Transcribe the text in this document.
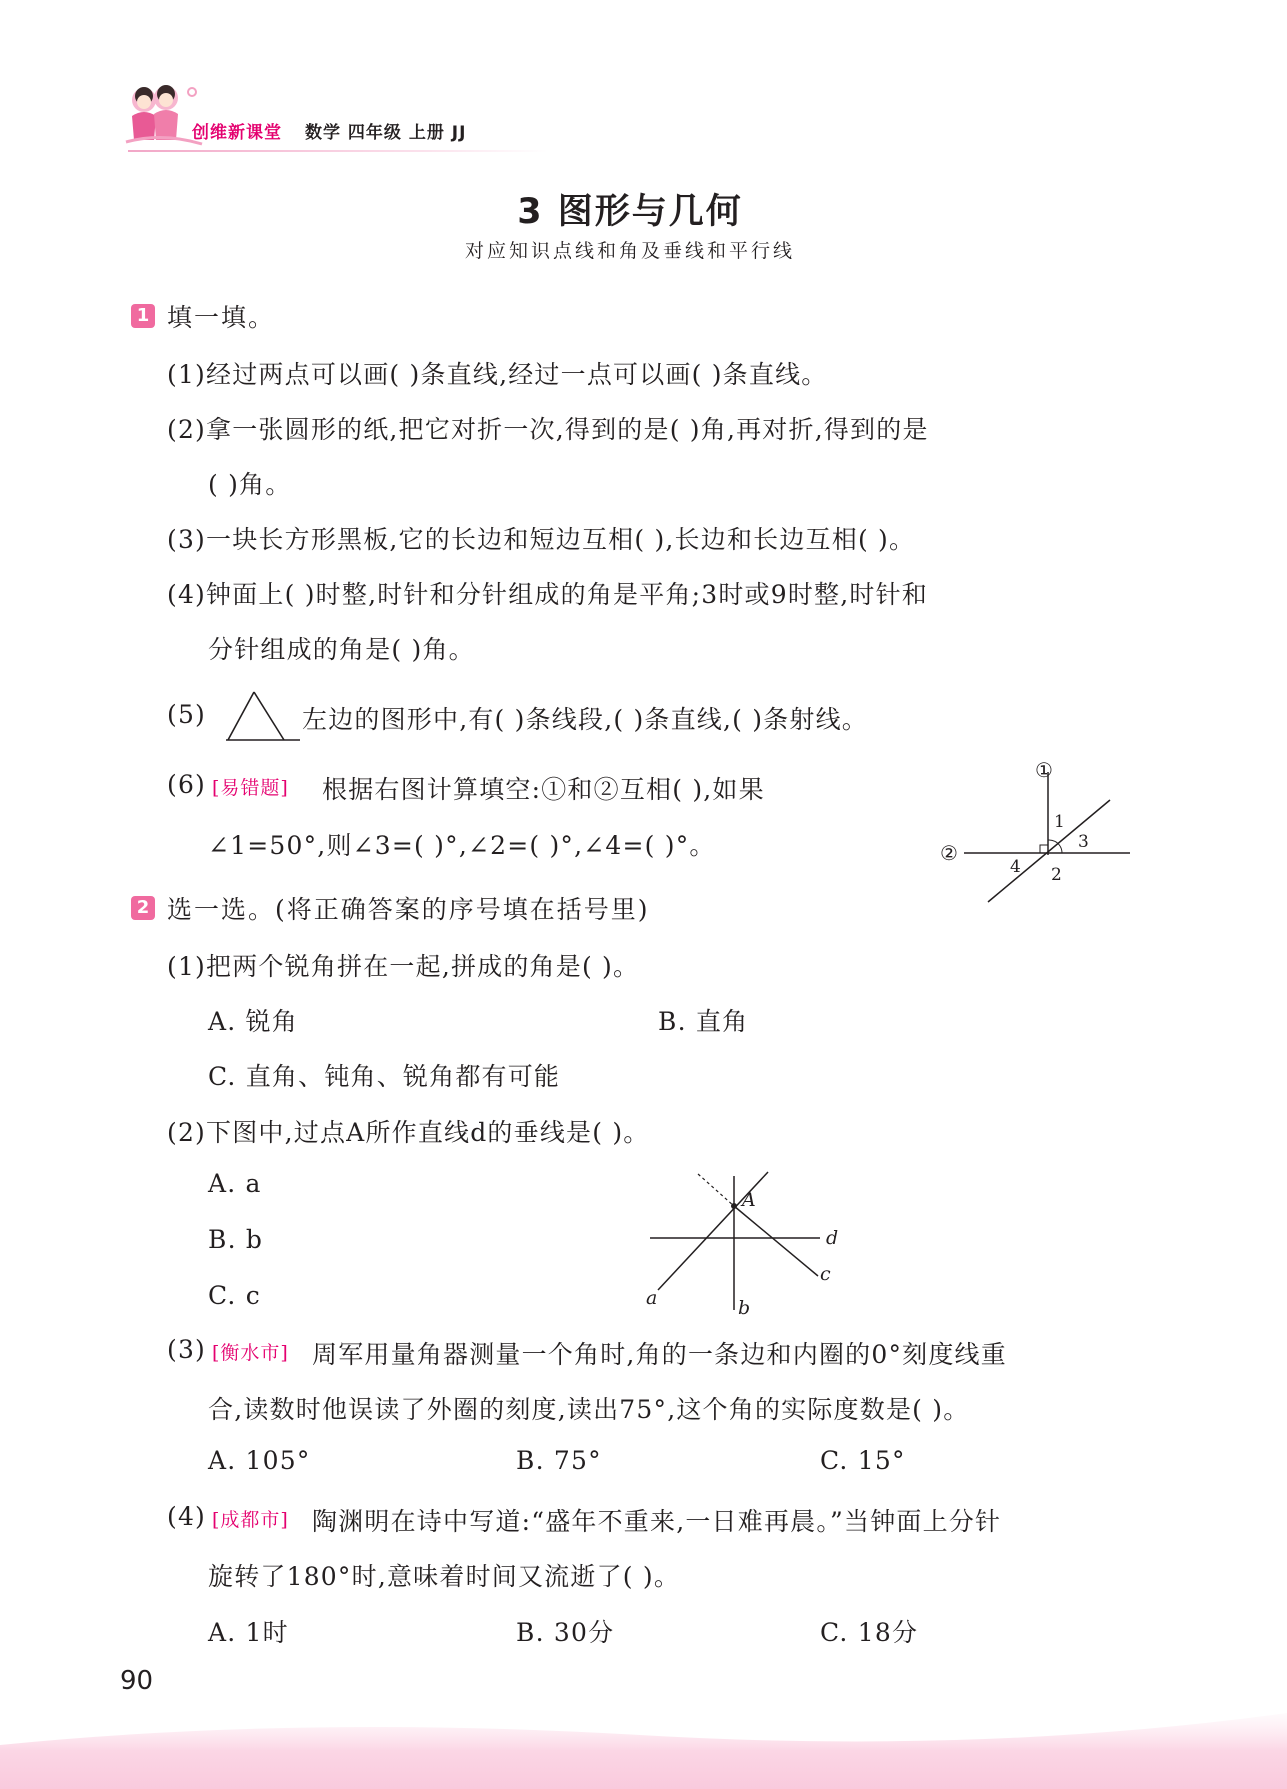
创维新课堂 数学 四年级 上册 JJ
3 图形与几何
对应知识点线和角及垂线和平行线
1 填一填。
(1)经过两点可以画( )条直线,经过一点可以画( )条直线。
(2)拿一张圆形的纸,把它对折一次,得到的是( )角,再对折,得到的是
( )角。
(3)一块长方形黑板,它的长边和短边互相( ),长边和长边互相( )。
(4)钟面上( )时整,时针和分针组成的角是平角;3时或9时整,时针和
分针组成的角是( )角。
(5)	左边的图形中,有( )条线段,( )条直线,( )条射线。
(6) [易错题] 根据右图计算填空:①和②互相( ),如果
∠1=50°,则∠3=( )°,∠2=( )°,∠4=( )°。
①
②
1
2
3
4
2 选一选。(将正确答案的序号填在括号里)
(1)把两个锐角拼在一起,拼成的角是( )。
A. 锐角	B. 直角
C. 直角、钝角、锐角都有可能
(2)下图中,过点A所作直线d的垂线是( )。
A. a
B. b
C. c
A
d
a
c
b
(3) [衡水市] 周军用量角器测量一个角时,角的一条边和内圈的0°刻度线重
合,读数时他误读了外圈的刻度,读出75°,这个角的实际度数是( )。
A. 105°	B. 75°	C. 15°
(4) [成都市] 陶渊明在诗中写道:“盛年不重来,一日难再晨。”当钟面上分针
旋转了180°时,意味着时间又流逝了( )。
A. 1时	B. 30分	C. 18分
90
